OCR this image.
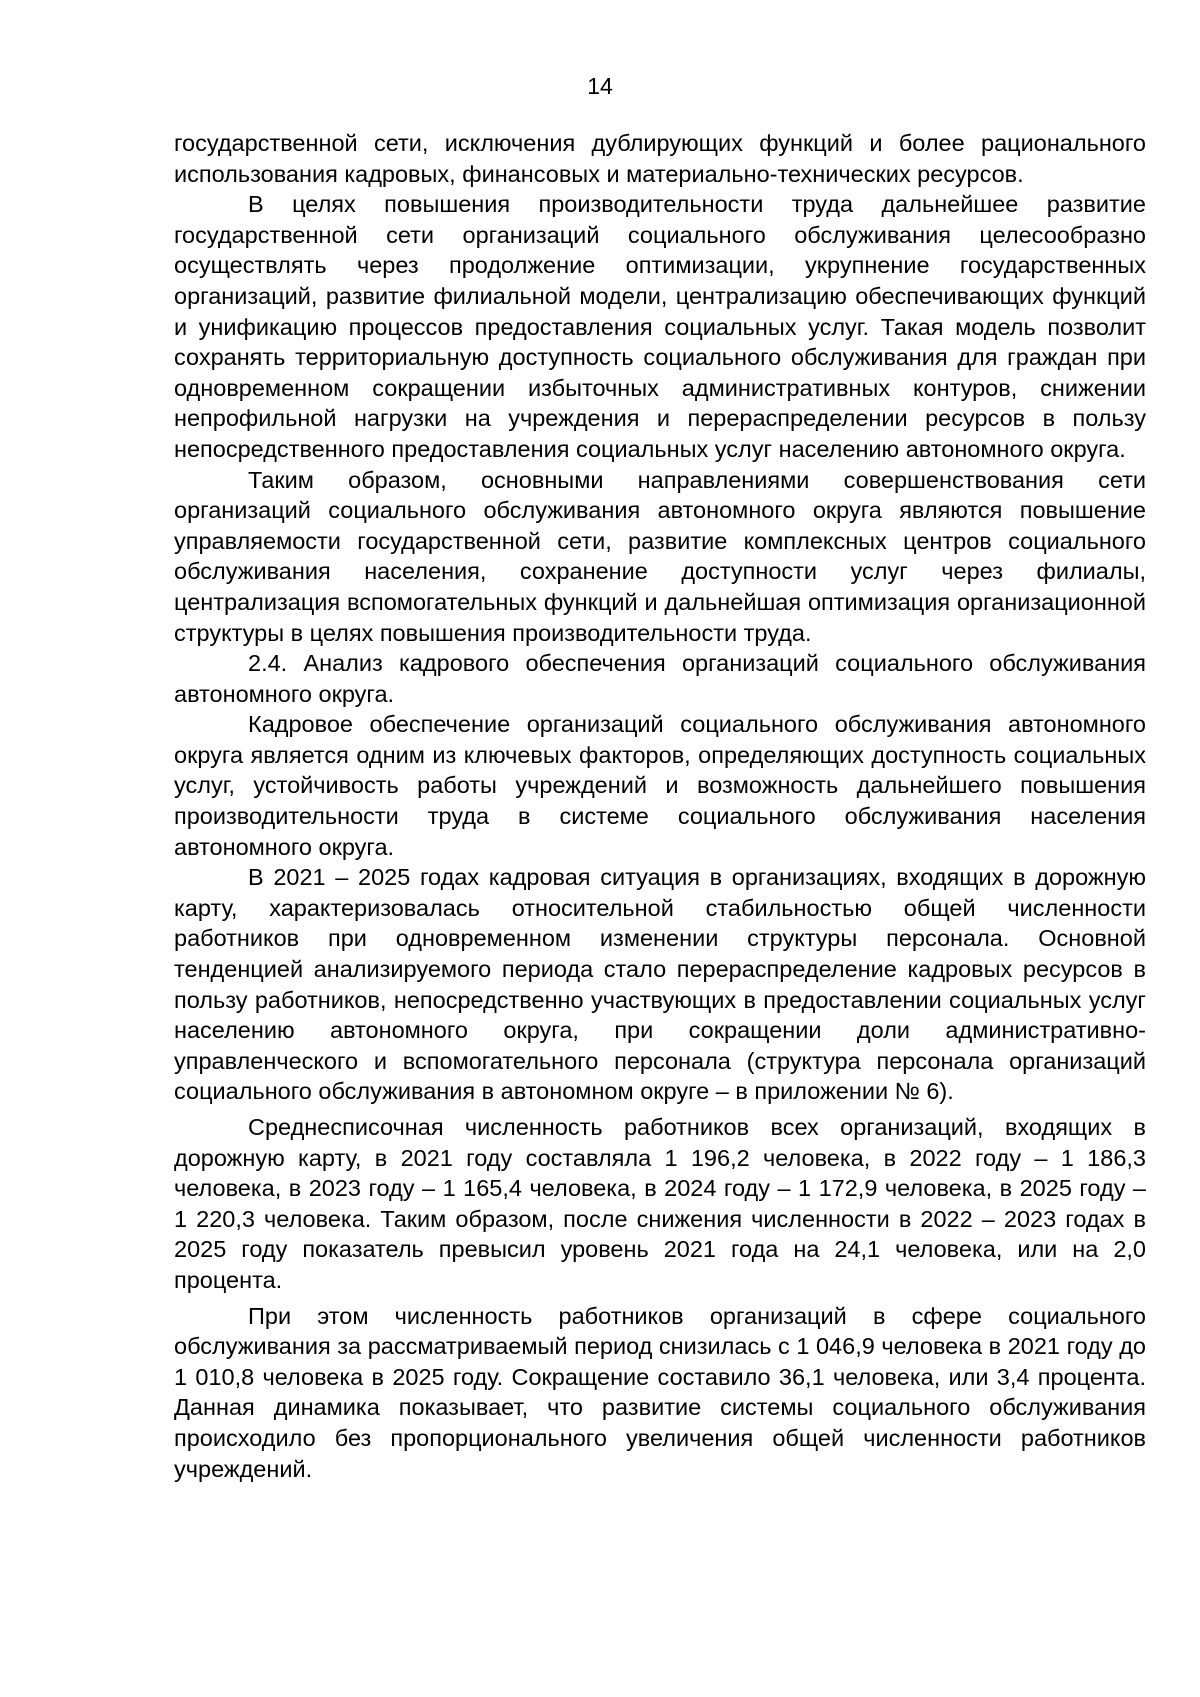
14

государственной сети, исключения дублирующих функций и более рационального использования кадровых, финансовых и материально-технических ресурсов.

В целях повышения производительности труда дальнейшее развитие государственной сети организаций социального обслуживания целесообразно осуществлять через продолжение оптимизации, укрупнение государственных организаций, развитие филиальной модели, централизацию обеспечивающих функций и унификацию процессов предоставления социальных услуг. Такая модель позволит сохранять территориальную доступность социального обслуживания для граждан при одновременном сокращении избыточных административных контуров, снижении непрофильной нагрузки на учреждения и перераспределении ресурсов в пользу непосредственного предоставления социальных услуг населению автономного округа.

Таким образом, основными направлениями совершенствования сети организаций социального обслуживания автономного округа являются повышение управляемости государственной сети, развитие комплексных центров социального обслуживания населения, сохранение доступности услуг через филиалы, централизация вспомогательных функций и дальнейшая оптимизация организационной структуры в целях повышения производительности труда.

2.4. Анализ кадрового обеспечения организаций социального обслуживания автономного округа.

Кадровое обеспечение организаций социального обслуживания автономного округа является одним из ключевых факторов, определяющих доступность социальных услуг, устойчивость работы учреждений и возможность дальнейшего повышения производительности труда в системе социального обслуживания населения автономного округа.

В 2021 – 2025 годах кадровая ситуация в организациях, входящих в дорожную карту, характеризовалась относительной стабильностью общей численности работников при одновременном изменении структуры персонала. Основной тенденцией анализируемого периода стало перераспределение кадровых ресурсов в пользу работников, непосредственно участвующих в предоставлении социальных услуг населению автономного округа, при сокращении доли административно-управленческого и вспомогательного персонала (структура персонала организаций социального обслуживания в автономном округе – в приложении № 6).

Среднесписочная численность работников всех организаций, входящих в дорожную карту, в 2021 году составляла 1 196,2 человека, в 2022 году – 1 186,3 человека, в 2023 году – 1 165,4 человека, в 2024 году – 1 172,9 человека, в 2025 году – 1 220,3 человека. Таким образом, после снижения численности в 2022 – 2023 годах в 2025 году показатель превысил уровень 2021 года на 24,1 человека, или на 2,0 процента.

При этом численность работников организаций в сфере социального обслуживания за рассматриваемый период снизилась с 1 046,9 человека в 2021 году до 1 010,8 человека в 2025 году. Сокращение составило 36,1 человека, или 3,4 процента. Данная динамика показывает, что развитие системы социального обслуживания происходило без пропорционального увеличения общей численности работников учреждений.
